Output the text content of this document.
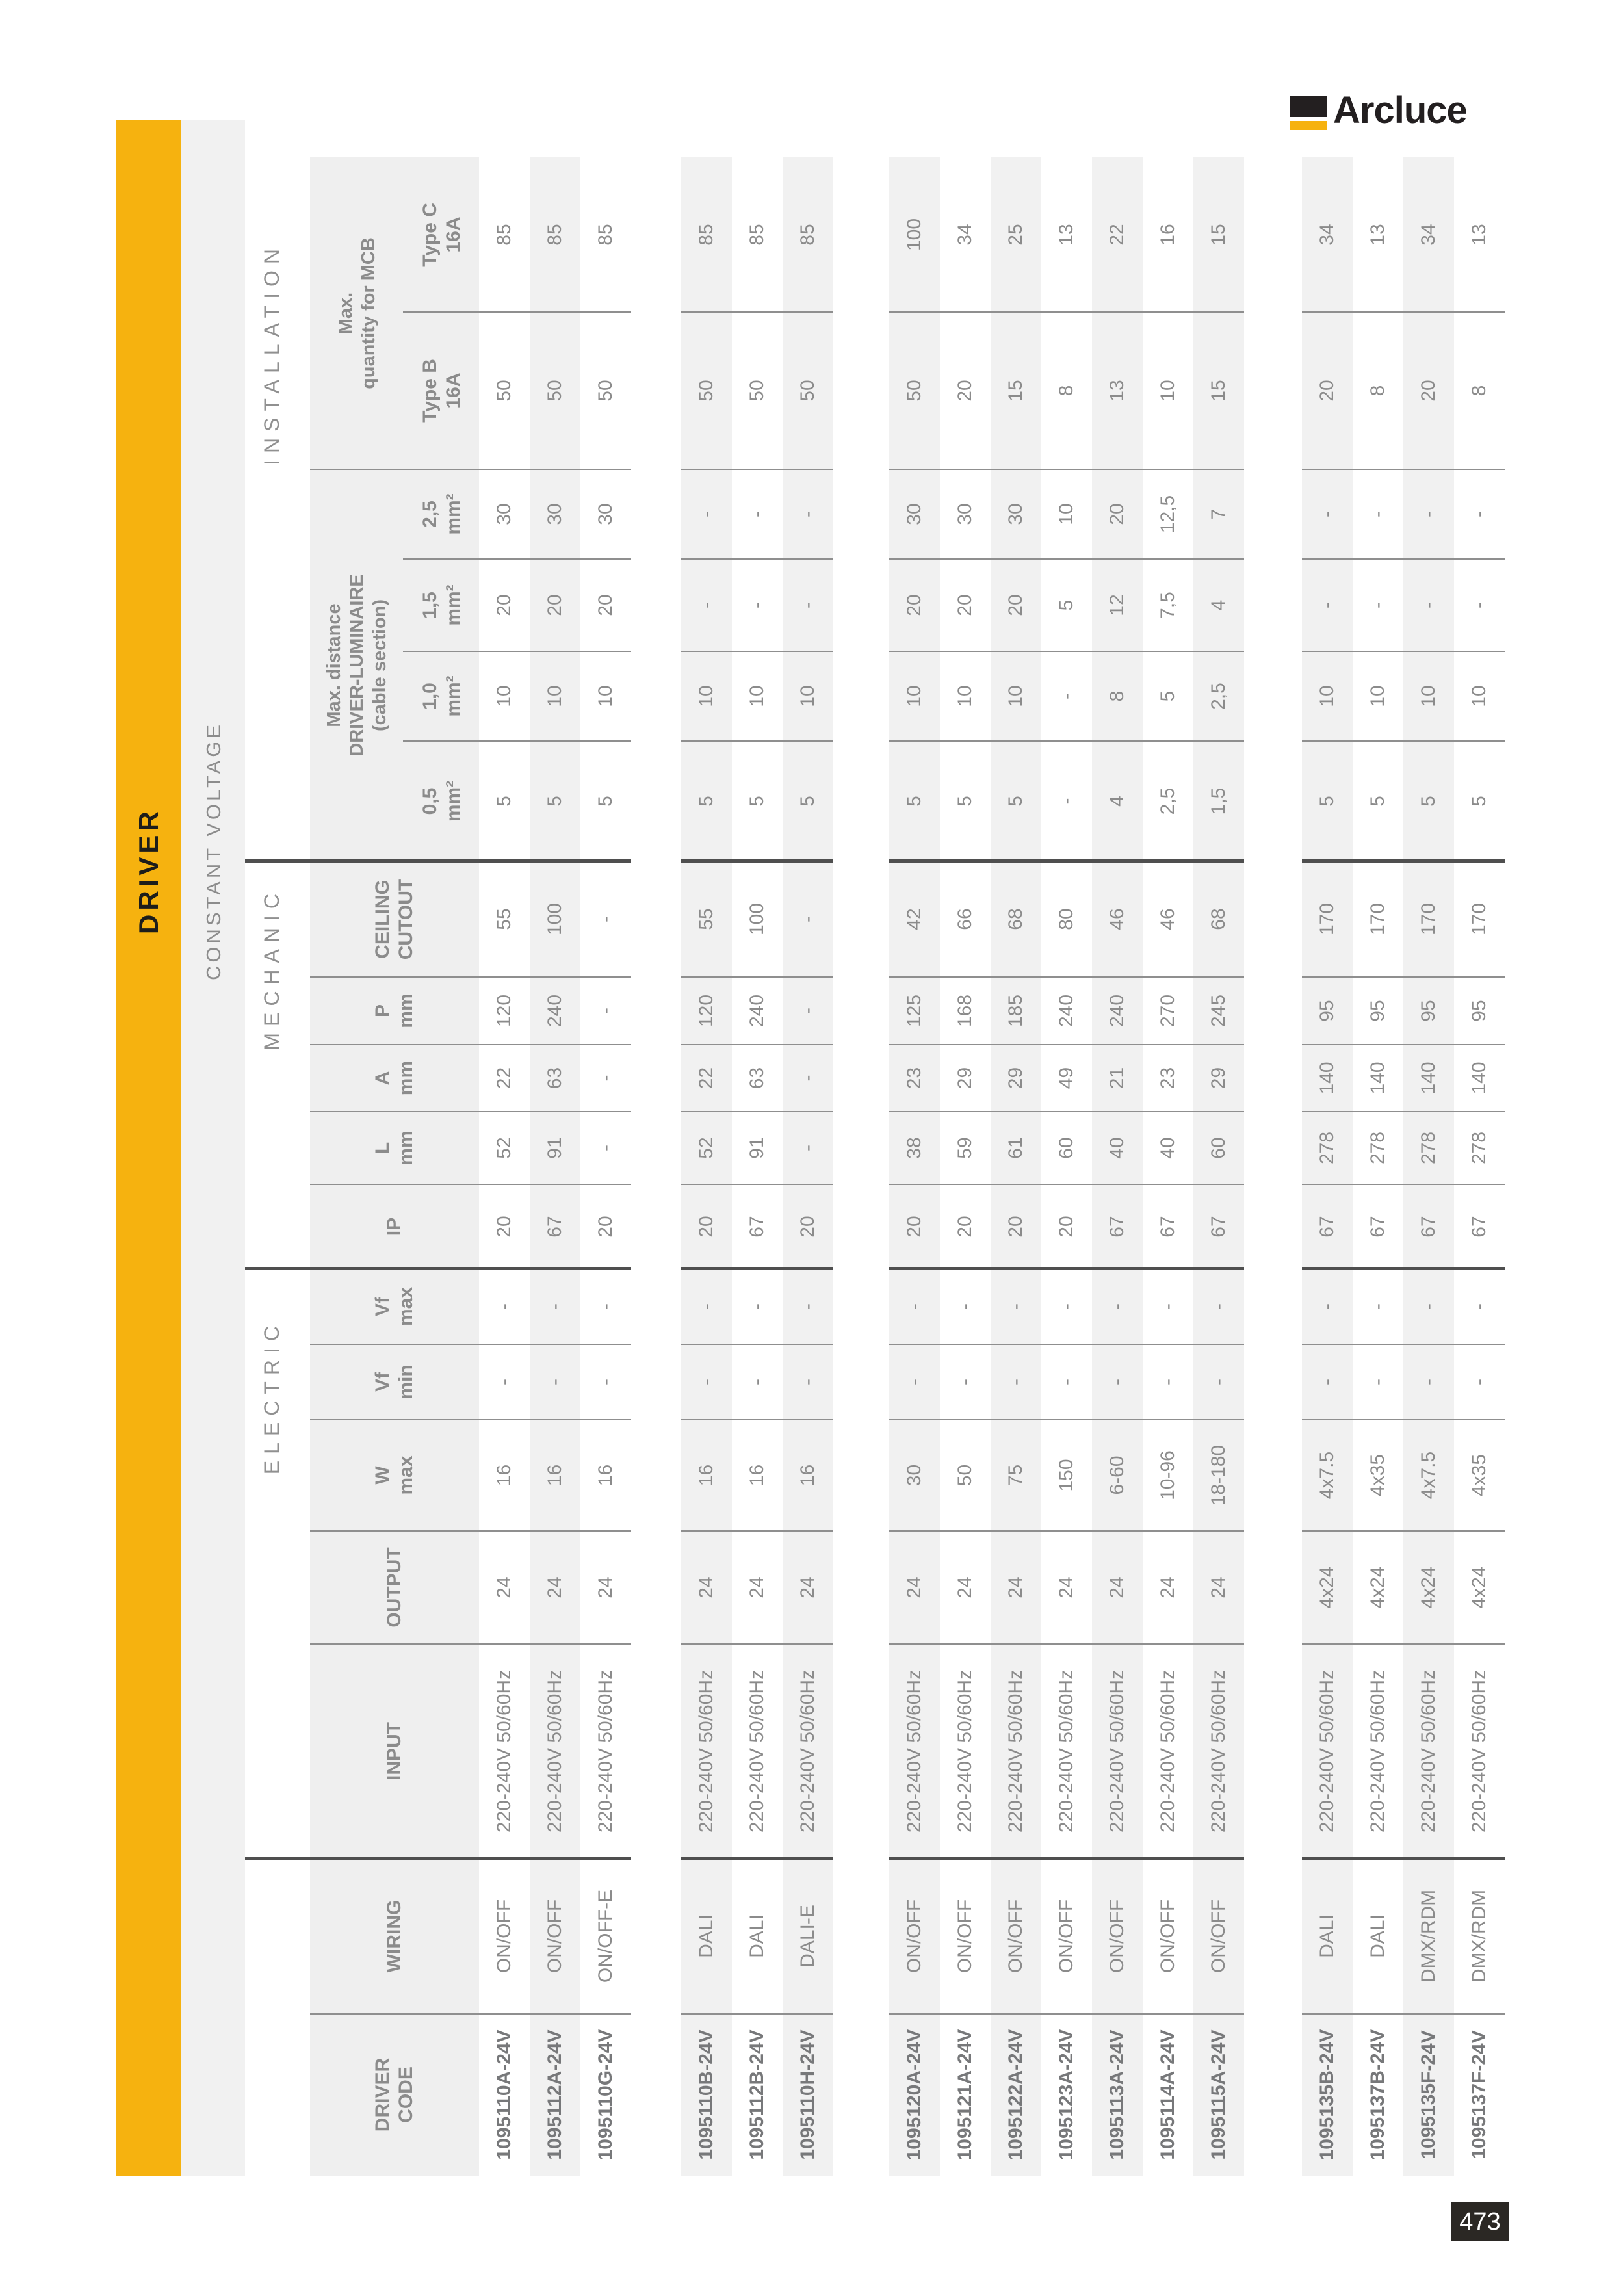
Arcluce
473
DRIVER	CONSTANT VOLTAGE
ELECTRIC
MECHANIC
INSTALLATION
Max. distance DRIVER-LUMINAIRE (cable section)
Max. quantity for MCB
DRIVER CODE
WIRING
INPUT
OUTPUT
W max
Vf min
Vf max
IP
L mm
A mm
P mm
CEILING CUTOUT
0,5 mm²
1,0 mm²
1,5 mm²
2,5 mm²
Type B 16A
Type C 16A
1095110A-24V
ON/OFF
220-240V 50/60Hz
24
16
-
-
20
52
22
120
55
5
10
20
30
50
85
1095112A-24V
ON/OFF
220-240V 50/60Hz
24
16
-
-
67
91
63
240
100
5
10
20
30
50
85
1095110G-24V
ON/OFF-E
220-240V 50/60Hz
24
16
-
-
20
-
-
-
-
5
10
20
30
50
85
1095110B-24V
DALI
220-240V 50/60Hz
24
16
-
-
20
52
22
120
55
5
10
-
-
50
85
1095112B-24V
DALI
220-240V 50/60Hz
24
16
-
-
67
91
63
240
100
5
10
-
-
50
85
1095110H-24V
DALI-E
220-240V 50/60Hz
24
16
-
-
20
-
-
-
-
5
10
-
-
50
85
1095120A-24V
ON/OFF
220-240V 50/60Hz
24
30
-
-
20
38
23
125
42
5
10
20
30
50
100
1095121A-24V
ON/OFF
220-240V 50/60Hz
24
50
-
-
20
59
29
168
66
5
10
20
30
20
34
1095122A-24V
ON/OFF
220-240V 50/60Hz
24
75
-
-
20
61
29
185
68
5
10
20
30
15
25
1095123A-24V
ON/OFF
220-240V 50/60Hz
24
150
-
-
20
60
49
240
80
-
-
5
10
8
13
1095113A-24V
ON/OFF
220-240V 50/60Hz
24
6-60
-
-
67
40
21
240
46
4
8
12
20
13
22
1095114A-24V
ON/OFF
220-240V 50/60Hz
24
10-96
-
-
67
40
23
270
46
2,5
5
7,5
12,5
10
16
1095115A-24V
ON/OFF
220-240V 50/60Hz
24
18-180
-
-
67
60
29
245
68
1,5
2,5
4
7
15
15
1095135B-24V
DALI
220-240V 50/60Hz
4x24
4x7.5
-
-
67
278
140
95
170
5
10
-
-
20
34
1095137B-24V
DALI
220-240V 50/60Hz
4x24
4x35
-
-
67
278
140
95
170
5
10
-
-
8
13
1095135F-24V
DMX/RDM
220-240V 50/60Hz
4x24
4x7.5
-
-
67
278
140
95
170
5
10
-
-
20
34
1095137F-24V
DMX/RDM
220-240V 50/60Hz
4x24
4x35
-
-
67
278
140
95
170
5
10
-
-
8
13
